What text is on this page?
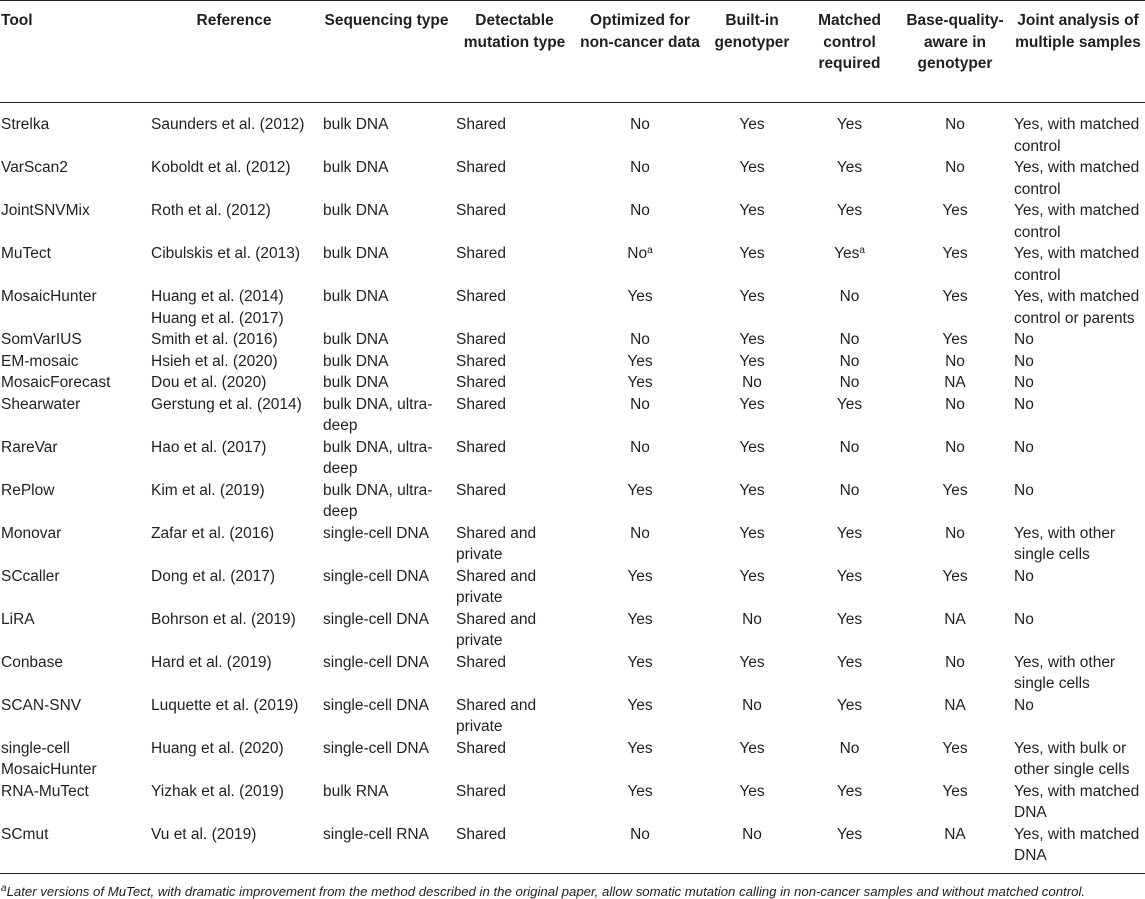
Tool	Reference	Sequencing type	Detectable mutation type	Optimized for non-cancer data	Built-in genotyper	Matched control required	Base-quality-aware in genotyper	Joint analysis of multiple samples
Strelka	Saunders et al. (2012)	bulk DNA	Shared	No	Yes	Yes	No	Yes, with matched control
VarScan2	Koboldt et al. (2012)	bulk DNA	Shared	No	Yes	Yes	No	Yes, with matched control
JointSNVMix	Roth et al. (2012)	bulk DNA	Shared	No	Yes	Yes	Yes	Yes, with matched control
MuTect	Cibulskis et al. (2013)	bulk DNA	Shared	No$^a$	Yes	Yes$^a$	Yes	Yes, with matched control
MosaicHunter	Huang et al. (2014) Huang et al. (2017)	bulk DNA	Shared	Yes	Yes	No	Yes	Yes, with matched control or parents
SomVarIUS	Smith et al. (2016)	bulk DNA	Shared	No	Yes	No	Yes	No
EM-mosaic	Hsieh et al. (2020)	bulk DNA	Shared	Yes	Yes	No	No	No
MosaicForecast	Dou et al. (2020)	bulk DNA	Shared	Yes	No	No	NA	No
Shearwater	Gerstung et al. (2014)	bulk DNA, ultra-deep	Shared	No	Yes	Yes	No	No
RareVar	Hao et al. (2017)	bulk DNA, ultra-deep	Shared	No	Yes	No	No	No
RePlow	Kim et al. (2019)	bulk DNA, ultra-deep	Shared	Yes	Yes	No	Yes	No
Monovar	Zafar et al. (2016)	single-cell DNA	Shared and private	No	Yes	Yes	No	Yes, with other single cells
SCcaller	Dong et al. (2017)	single-cell DNA	Shared and private	Yes	Yes	Yes	Yes	No
LiRA	Bohrson et al. (2019)	single-cell DNA	Shared and private	Yes	No	Yes	NA	No
Conbase	Hard et al. (2019)	single-cell DNA	Shared	Yes	Yes	Yes	No	Yes, with other single cells
SCAN-SNV	Luquette et al. (2019)	single-cell DNA	Shared and private	Yes	No	Yes	NA	No
single-cell MosaicHunter	Huang et al. (2020)	single-cell DNA	Shared	Yes	Yes	No	Yes	Yes, with bulk or other single cells
RNA-MuTect	Yizhak et al. (2019)	bulk RNA	Shared	Yes	Yes	Yes	Yes	Yes, with matched DNA
SCmut	Vu et al. (2019)	single-cell RNA	Shared	No	No	Yes	NA	Yes, with matched DNA
$^a$Later versions of MuTect, with dramatic improvement from the method described in the original paper, allow somatic mutation calling in non-cancer samples and without matched control.
